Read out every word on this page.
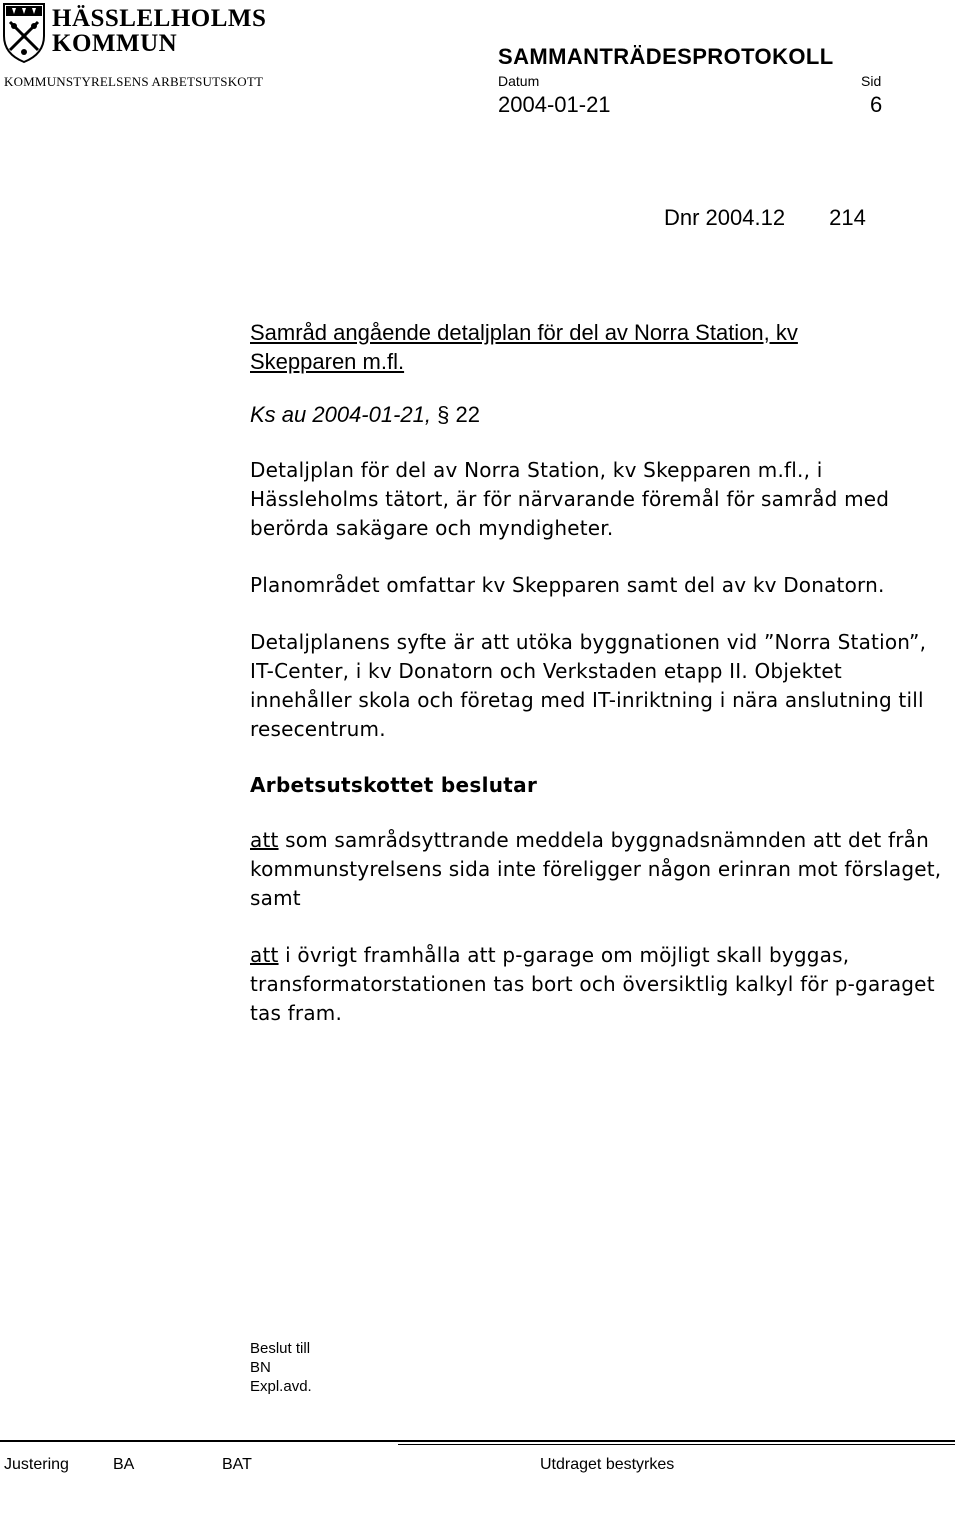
HÄSSLELHOLMS
KOMMUN
KOMMUNSTYRELSENS ARBETSUTSKOTT
SAMMANTRÄDESPROTOKOLL
Datum	Sid
2004-01-21	6
Dnr 2004.12 214

Samråd angående detaljplan för del av Norra Station, kv Skepparen m.fl.

Ks au 2004-01-21, § 22

Detaljplan för del av Norra Station, kv Skepparen m.fl., i Hässleholms tätort, är för närvarande föremål för samråd med berörda sakägare och myndigheter.

Planområdet omfattar kv Skepparen samt del av kv Donatorn.

Detaljplanens syfte är att utöka byggnationen vid ”Norra Station”, IT-Center, i kv Donatorn och Verkstaden etapp II. Objektet innehåller skola och företag med IT-inriktning i nära anslutning till resecentrum.

Arbetsutskottet beslutar

att som samrådsyttrande meddela byggnadsnämnden att det från kommunstyrelsens sida inte föreligger någon erinran mot förslaget, samt

att i övrigt framhålla att p-garage om möjligt skall byggas, transformatorstationen tas bort och översiktlig kalkyl för p-garaget tas fram.

Beslut till
BN
Expl.avd.
Justering	BA	BAT	Utdraget bestyrkes
